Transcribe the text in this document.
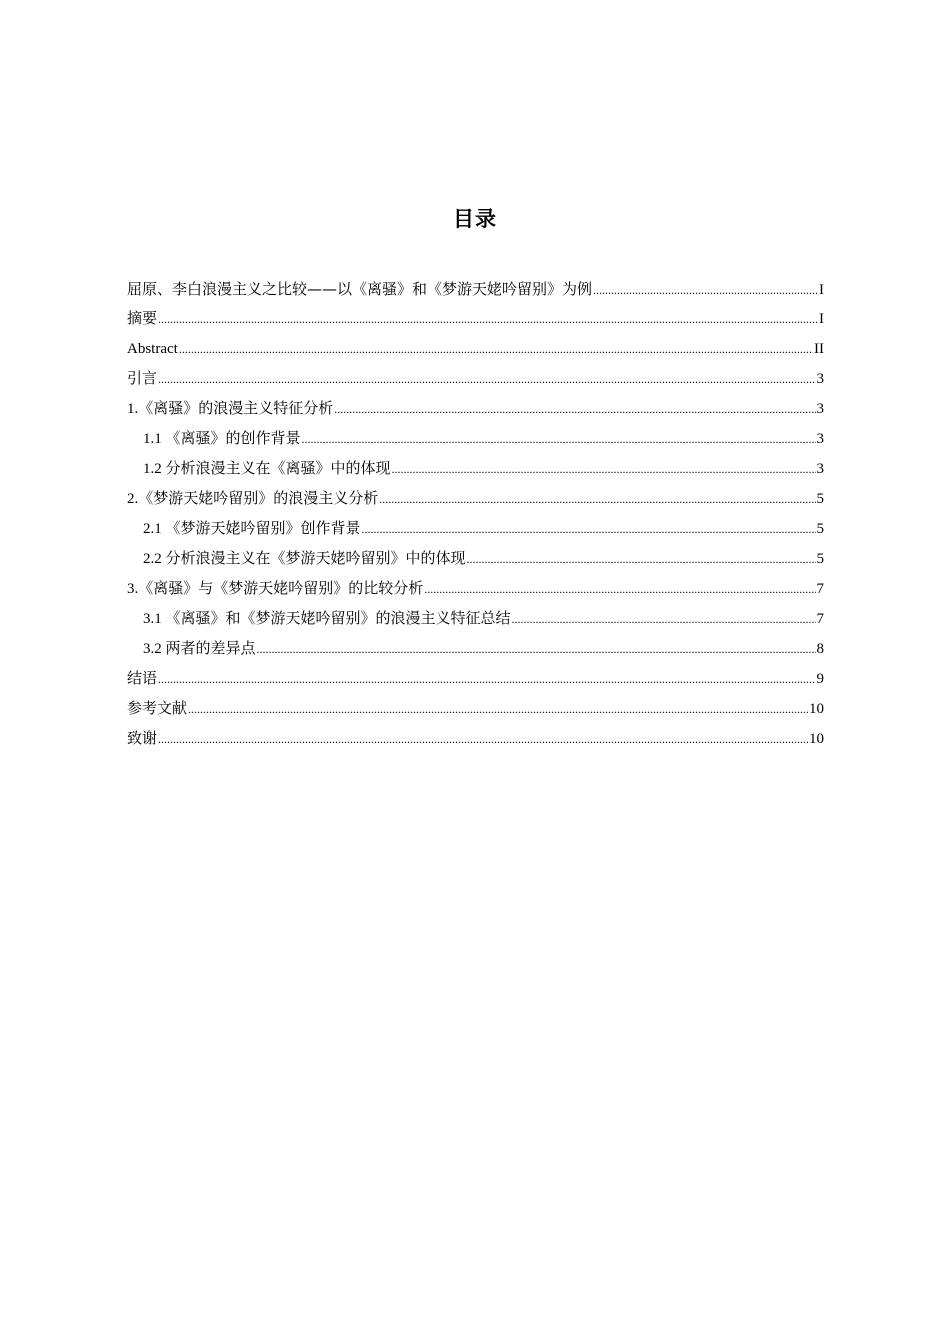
目录
屈原、李白浪漫主义之比较——以《离骚》和《梦游天姥吟留别》为例 .....	I
摘要 .....	I
Abstract .....	II
引言 .....	3
1.《离骚》的浪漫主义特征分析 .....	3
1.1 《离骚》的创作背景 .....	3
1.2 分析浪漫主义在《离骚》中的体现 .....	3
2.《梦游天姥吟留别》的浪漫主义分析 .....	5
2.1 《梦游天姥吟留别》创作背景 .....	5
2.2 分析浪漫主义在《梦游天姥吟留别》中的体现 .....	5
3.《离骚》与《梦游天姥吟留别》的比较分析 .....	7
3.1 《离骚》和《梦游天姥吟留别》的浪漫主义特征总结 .....	7
3.2 两者的差异点 .....	8
结语 .....	9
参考文献 .....	10
致谢 .....	10
